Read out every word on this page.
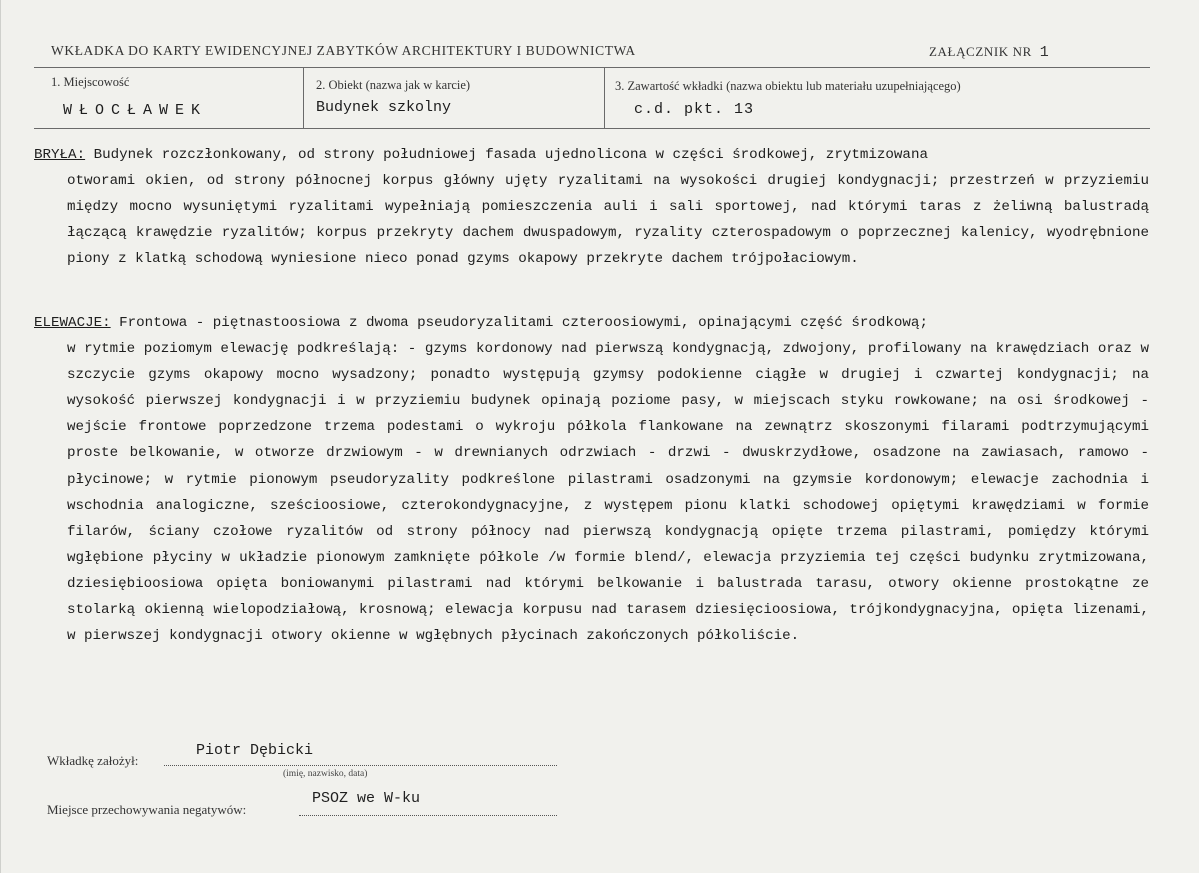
WKŁADKA DO KARTY EWIDENCYJNEJ ZABYTKÓW ARCHITEKTURY I BUDOWNICTWA	ZAŁĄCZNIK NR 1
1. Miejscowość
WŁOCŁAWEK
2. Obiekt (nazwa jak w karcie)
Budynek szkolny
3. Zawartość wkładki (nazwa obiektu lub materiału uzupełniającego)
c.d. pkt. 13

BRYŁA: Budynek rozczłonkowany, od strony południowej fasada ujednolicona w części środkowej, zrytmizowana
otworami okien, od strony północnej korpus główny ujęty ryzalitami na wysokości drugiej kondygnacji; przestrzeń w przyziemiu między mocno wysuniętymi ryzalitami wypełniają pomieszczenia auli i sali sportowej, nad którymi taras z żeliwną balustradą łączącą krawędzie ryzalitów; korpus przekryty dachem dwuspadowym, ryzality czterospadowym o poprzecznej kalenicy, wyodrębnione piony z klatką schodową wyniesione nieco ponad gzyms okapowy przekryte dachem trójpołaciowym.

ELEWACJE: Frontowa - piętnastoosiowa z dwoma pseudoryzalitami czteroosiowymi, opinającymi część środkową;
w rytmie poziomym elewację podkreślają: - gzyms kordonowy nad pierwszą kondygnacją, zdwojony, profilowany na krawędziach oraz w szczycie gzyms okapowy mocno wysadzony; ponadto występują gzymsy podokienne ciągłe w drugiej i czwartej kondygnacji; na wysokość pierwszej kondygnacji i w przyziemiu budynek opinają poziome pasy, w miejscach styku rowkowane; na osi środkowej - wejście frontowe poprzedzone trzema podestami o wykroju półkola flankowane na zewnątrz skoszonymi filarami podtrzymującymi proste belkowanie, w otworze drzwiowym - w drewnianych odrzwiach - drzwi - dwuskrzydłowe, osadzone na zawiasach, ramowo - płycinowe; w rytmie pionowym pseudoryzality podkreślone pilastrami osadzonymi na gzymsie kordonowym; elewacje zachodnia i wschodnia analogiczne, sześcioosiowe, czterokondygnacyjne, z występem pionu klatki schodowej opiętymi krawędziami w formie filarów, ściany czołowe ryzalitów od strony północy nad pierwszą kondygnacją opięte trzema pilastrami, pomiędzy którymi wgłębione płyciny w układzie pionowym zamknięte półkole /w formie blend/, elewacja przyziemia tej części budynku zrytmizowana, dziesiębioosiowa opięta boniowanymi pilastrami nad którymi belkowanie i balustrada tarasu, otwory okienne prostokątne ze stolarką okienną wielopodziałową, krosnową; elewacja korpusu nad tarasem dziesięcioosiowa, trójkondygnacyjna, opięta lizenami, w pierwszej kondygnacji otwory okienne w wgłębnych płycinach zakończonych półkoliście.

Wkładkę założył:
Piotr Dębicki
(imię, nazwisko, data)
Miejsce przechowywania negatywów:
PSOZ we W-ku
